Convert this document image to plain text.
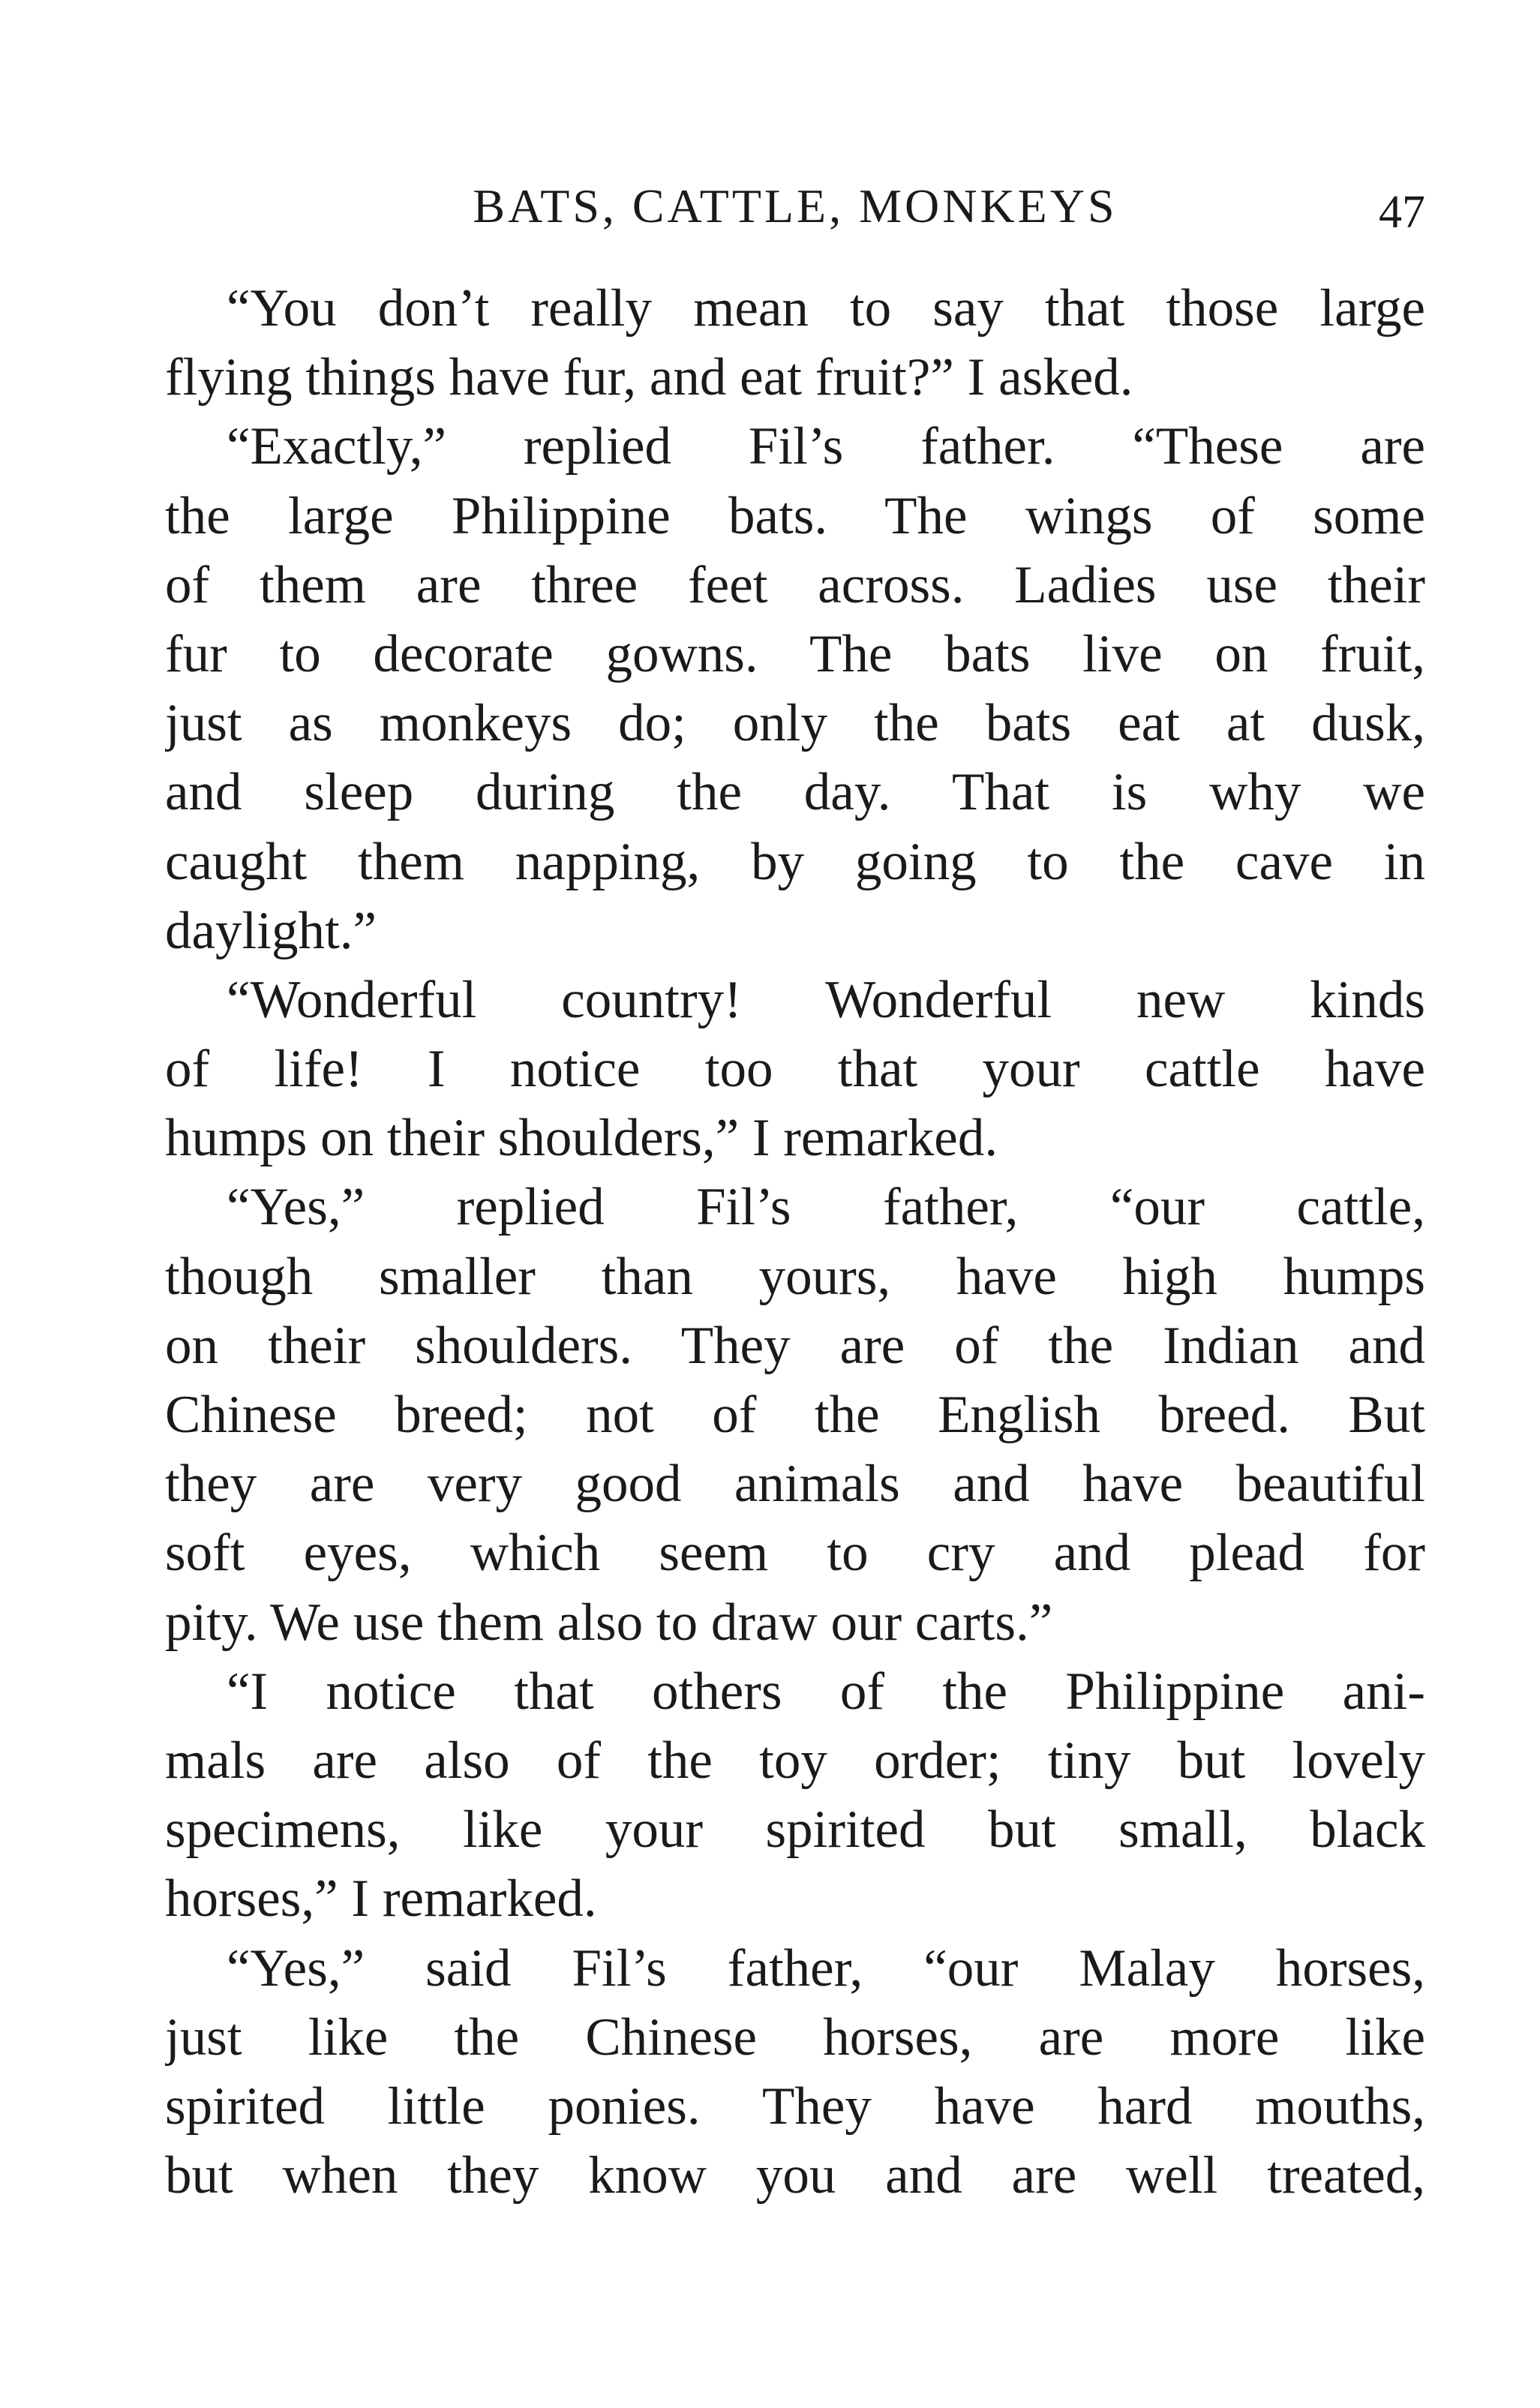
BATS, CATTLE, MONKEYS	47
“You don’t really mean to say that those large
flying things have fur, and eat fruit?” I asked.
“Exactly,” replied Fil’s father. “These are
the large Philippine bats. The wings of some
of them are three feet across. Ladies use their
fur to decorate gowns. The bats live on fruit,
just as monkeys do; only the bats eat at dusk,
and sleep during the day. That is why we
caught them napping, by going to the cave in
daylight.”
“Wonderful country! Wonderful new kinds
of life! I notice too that your cattle have
humps on their shoulders,” I remarked.
“Yes,” replied Fil’s father, “our cattle,
though smaller than yours, have high humps
on their shoulders. They are of the Indian and
Chinese breed; not of the English breed. But
they are very good animals and have beautiful
soft eyes, which seem to cry and plead for
pity. We use them also to draw our carts.”
“I notice that others of the Philippine ani-
mals are also of the toy order; tiny but lovely
specimens, like your spirited but small, black
horses,” I remarked.
“Yes,” said Fil’s father, “our Malay horses,
just like the Chinese horses, are more like
spirited little ponies. They have hard mouths,
but when they know you and are well treated,
